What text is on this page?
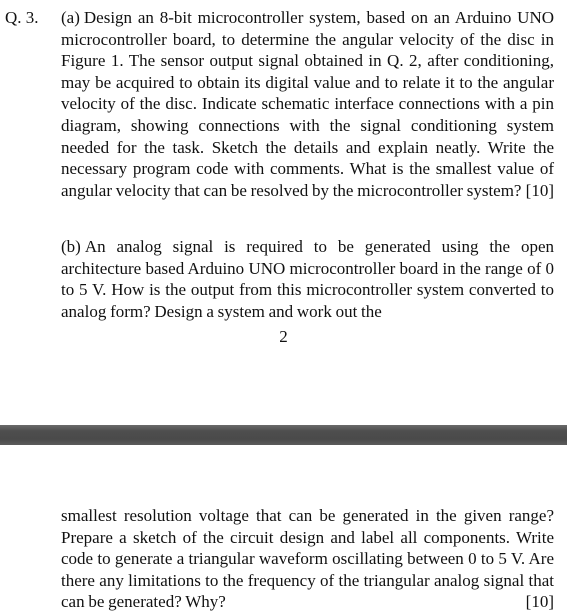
Q. 3. (a) Design an 8-bit microcontroller system, based on an Arduino UNO microcontroller board, to determine the angular velocity of the disc in Figure 1. The sensor output signal obtained in Q. 2, after conditioning, may be acquired to obtain its digital value and to relate it to the angular velocity of the disc. Indicate schematic interface connections with a pin diagram, showing connections with the signal conditioning system needed for the task. Sketch the details and explain neatly. Write the necessary program code with comments. What is the smallest value of angular velocity that can be resolved by the microcontroller system? [10]
(b) An analog signal is required to be generated using the open architecture based Arduino UNO microcontroller board in the range of 0 to 5 V. How is the output from this microcontroller system converted to analog form? Design a system and work out the
2
smallest resolution voltage that can be generated in the given range? Prepare a sketch of the circuit design and label all components. Write code to generate a triangular waveform oscillating between 0 to 5 V. Are there any limitations to the frequency of the triangular analog signal that can be generated? Why?	[10]
